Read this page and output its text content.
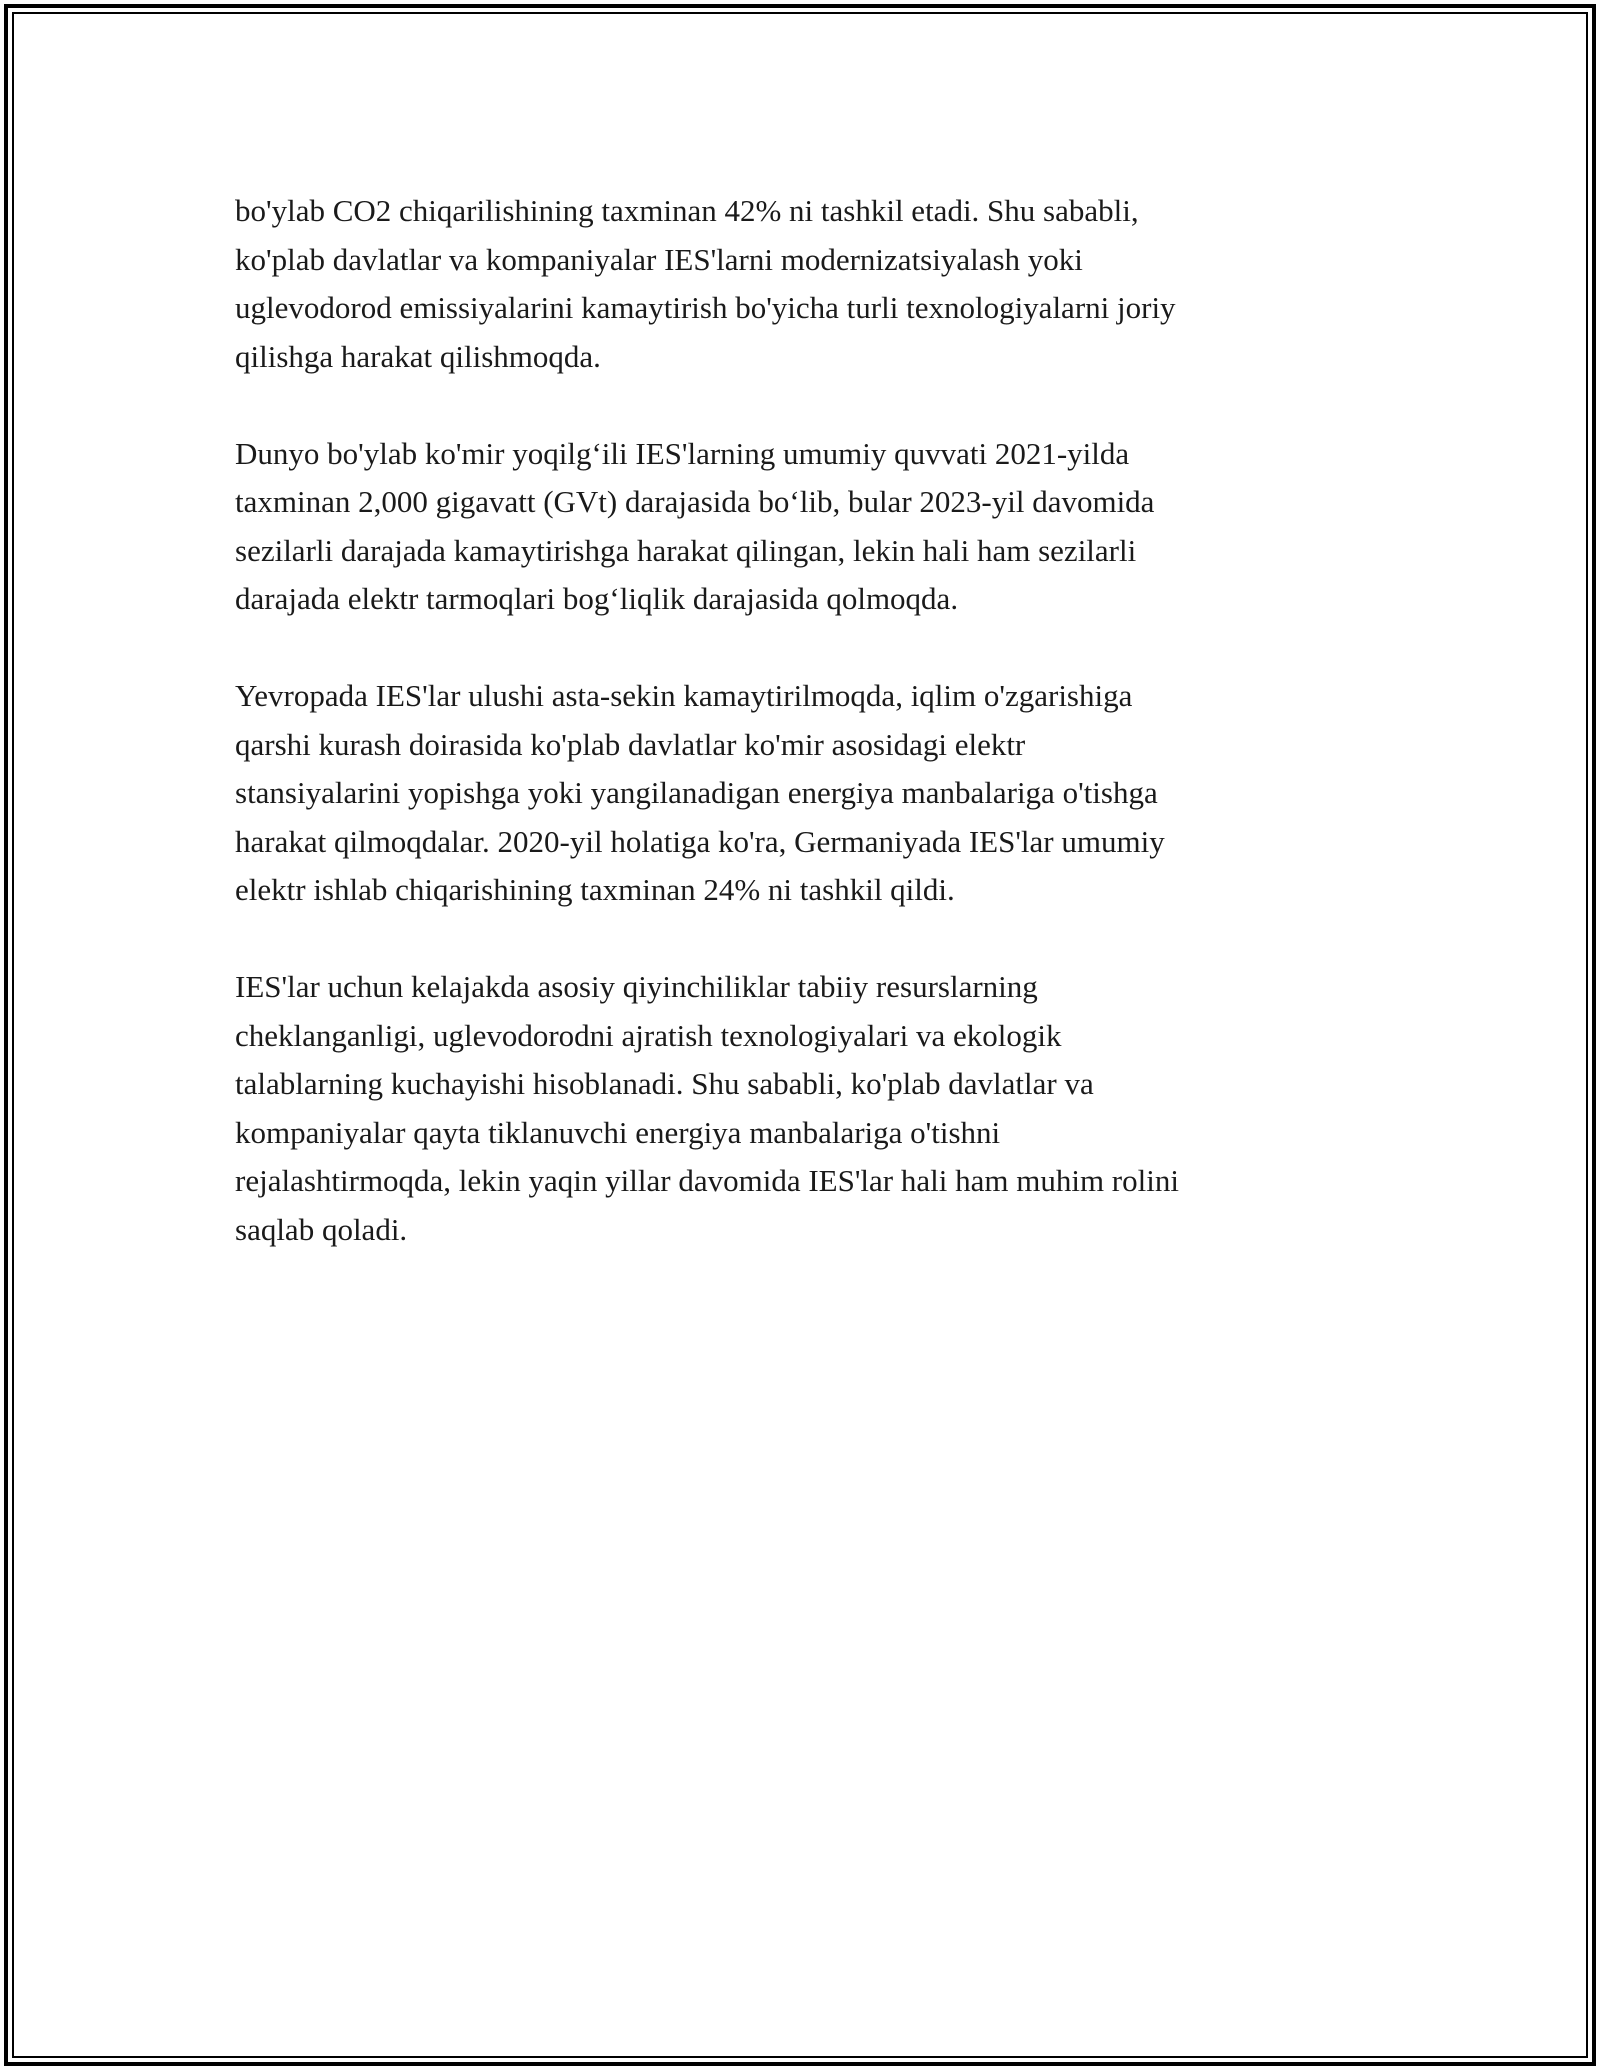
bo'ylab CO2 chiqarilishining taxminan 42% ni tashkil etadi. Shu sababli,
ko'plab davlatlar va kompaniyalar IES'larni modernizatsiyalash yoki
uglevodorod emissiyalarini kamaytirish bo'yicha turli texnologiyalarni joriy
qilishga harakat qilishmoqda.

Dunyo bo'ylab ko'mir yoqilg‘ili IES'larning umumiy quvvati 2021-yilda
taxminan 2,000 gigavatt (GVt) darajasida bo‘lib, bular 2023-yil davomida
sezilarli darajada kamaytirishga harakat qilingan, lekin hali ham sezilarli
darajada elektr tarmoqlari bog‘liqlik darajasida qolmoqda.

Yevropada IES'lar ulushi asta-sekin kamaytirilmoqda, iqlim o'zgarishiga
qarshi kurash doirasida ko'plab davlatlar ko'mir asosidagi elektr
stansiyalarini yopishga yoki yangilanadigan energiya manbalariga o'tishga
harakat qilmoqdalar. 2020-yil holatiga ko'ra, Germaniyada IES'lar umumiy
elektr ishlab chiqarishining taxminan 24% ni tashkil qildi.

IES'lar uchun kelajakda asosiy qiyinchiliklar tabiiy resurslarning
cheklanganligi, uglevodorodni ajratish texnologiyalari va ekologik
talablarning kuchayishi hisoblanadi. Shu sababli, ko'plab davlatlar va
kompaniyalar qayta tiklanuvchi energiya manbalariga o'tishni
rejalashtirmoqda, lekin yaqin yillar davomida IES'lar hali ham muhim rolini
saqlab qoladi.
